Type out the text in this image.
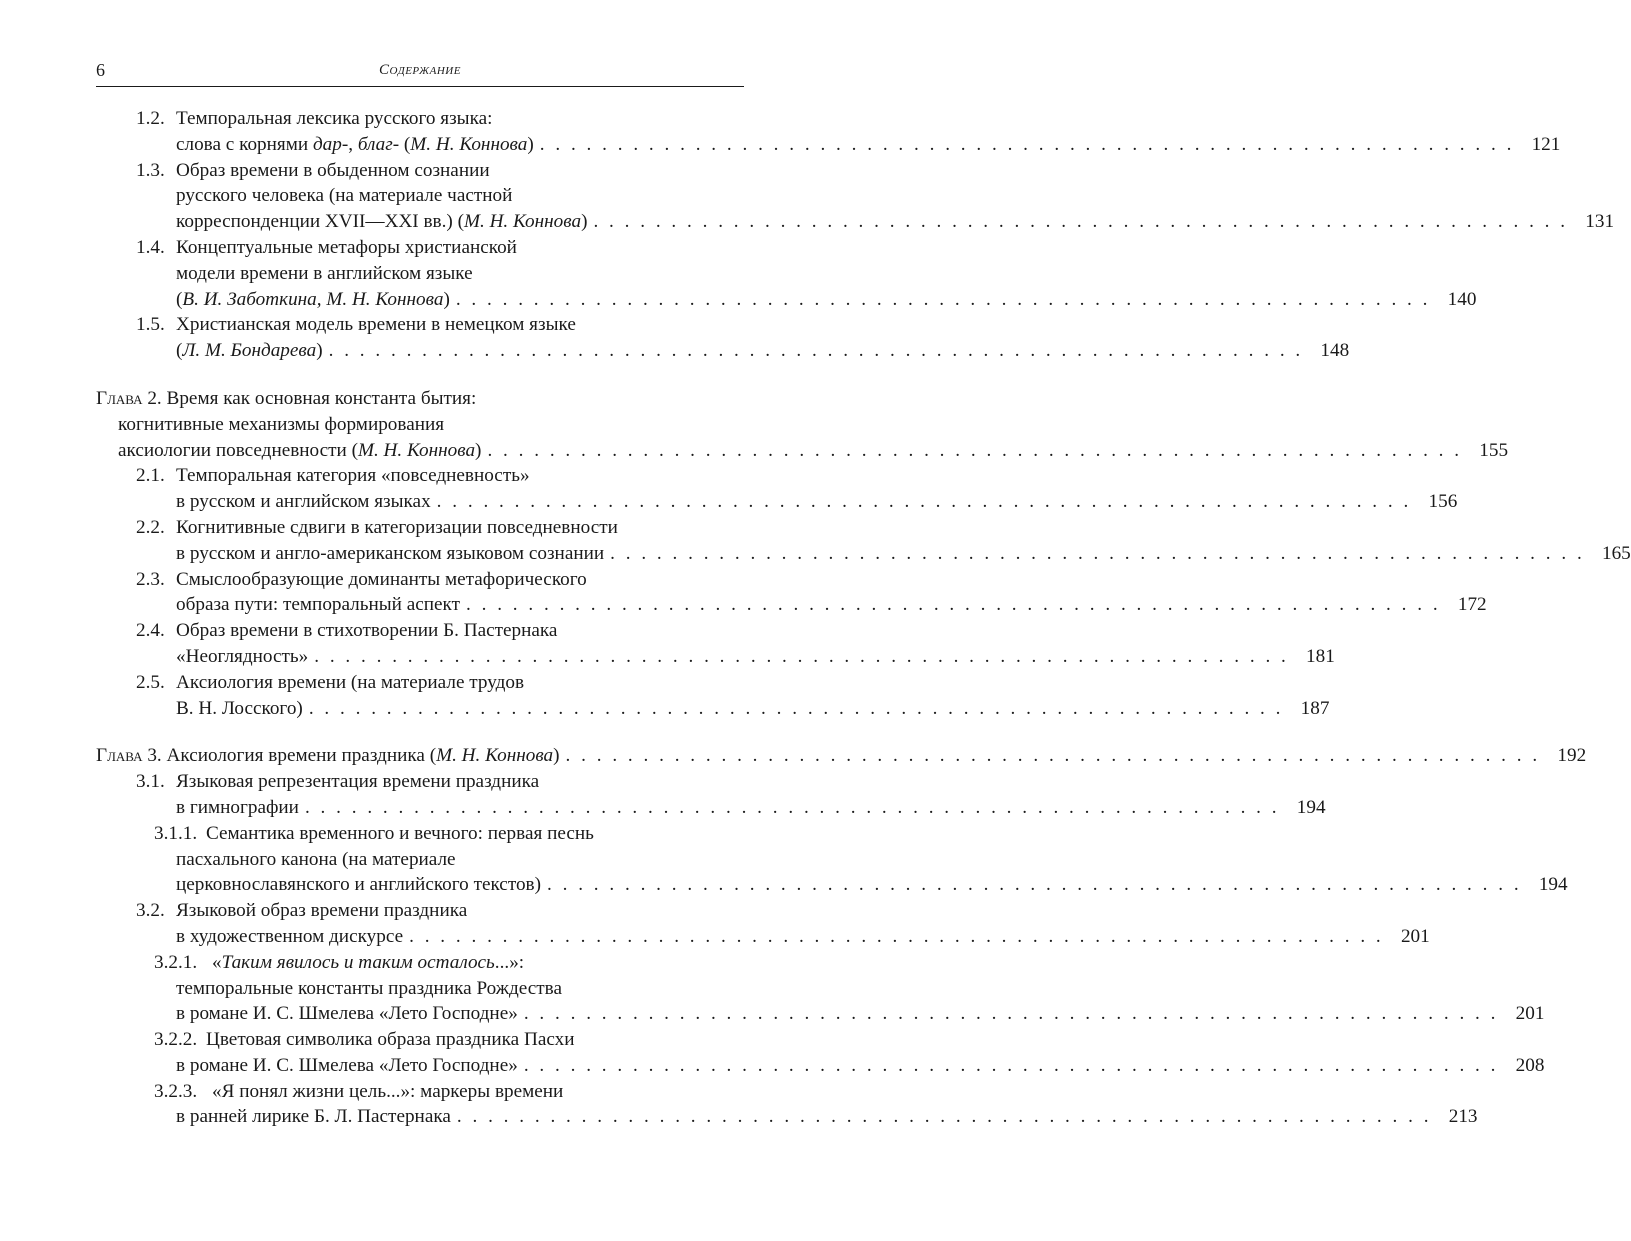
6	Содержание
1.2. Темпоральная лексика русского языка:
слова с корнями дар-, благ- (М. Н. Коннова) . . . . . . . . . . . . . . . . . . . . . . . . . . . . . . . . . . . . . . . . . . . . . . . . . . . . . . . . . . . . . . . 121
1.3. Образ времени в обыденном сознании
русского человека (на материале частной
корреспонденции XVII—XXI вв.) (М. Н. Коннова) . . . . . . . . . . . . . . . . . . . . . . . . . . . . . . . . . . . . . . . . . . . . . . . . . . . . . . . . . . . . . . . 131
1.4. Концептуальные метафоры христианской
модели времени в английском языке
(В. И. Заботкина, М. Н. Коннова) . . . . . . . . . . . . . . . . . . . . . . . . . . . . . . . . . . . . . . . . . . . . . . . . . . . . . . . . . . . . . . . 140
1.5. Христианская модель времени в немецком языке
(Л. М. Бондарева) . . . . . . . . . . . . . . . . . . . . . . . . . . . . . . . . . . . . . . . . . . . . . . . . . . . . . . . . . . . . . . . 148
Глава 2. Время как основная константа бытия:
когнитивные механизмы формирования
аксиологии повседневности (М. Н. Коннова) . . . . . . . . . . . . . . . . . . . . . . . . . . . . . . . . . . . . . . . . . . . . . . . . . . . . . . . . . . . . . . . 155
2.1. Темпоральная категория «повседневность»
в русском и английском языках . . . . . . . . . . . . . . . . . . . . . . . . . . . . . . . . . . . . . . . . . . . . . . . . . . . . . . . . . . . . . . . 156
2.2. Когнитивные сдвиги в категоризации повседневности
в русском и англо-американском языковом сознании . . . . . . . . . . . . . . . . . . . . . . . . . . . . . . . . . . . . . . . . . . . . . . . . . . . . . . . . . . . . . . . 165
2.3. Смыслообразующие доминанты метафорического
образа пути: темпоральный аспект . . . . . . . . . . . . . . . . . . . . . . . . . . . . . . . . . . . . . . . . . . . . . . . . . . . . . . . . . . . . . . . 172
2.4. Образ времени в стихотворении Б. Пастернака
«Неоглядность» . . . . . . . . . . . . . . . . . . . . . . . . . . . . . . . . . . . . . . . . . . . . . . . . . . . . . . . . . . . . . . . 181
2.5. Аксиология времени (на материале трудов
В. Н. Лосского) . . . . . . . . . . . . . . . . . . . . . . . . . . . . . . . . . . . . . . . . . . . . . . . . . . . . . . . . . . . . . . . 187
Глава 3. Аксиология времени праздника (М. Н. Коннова) . . . . . . . . . . . . . . . . . . . . . . . . . . . . . . . . . . . . . . . . . . . . . . . . . . . . . . . . . . . . . . . 192
3.1. Языковая репрезентация времени праздника
в гимнографии . . . . . . . . . . . . . . . . . . . . . . . . . . . . . . . . . . . . . . . . . . . . . . . . . . . . . . . . . . . . . . . 194
3.1.1. Семантика временного и вечного: первая песнь
пасхального канона (на материале
церковнославянского и английского текстов) . . . . . . . . . . . . . . . . . . . . . . . . . . . . . . . . . . . . . . . . . . . . . . . . . . . . . . . . . . . . . . . 194
3.2. Языковой образ времени праздника
в художественном дискурсе . . . . . . . . . . . . . . . . . . . . . . . . . . . . . . . . . . . . . . . . . . . . . . . . . . . . . . . . . . . . . . . 201
3.2.1. «Таким явилось и таким осталось...»:
темпоральные константы праздника Рождества
в романе И. С. Шмелева «Лето Господне» . . . . . . . . . . . . . . . . . . . . . . . . . . . . . . . . . . . . . . . . . . . . . . . . . . . . . . . . . . . . . . . 201
3.2.2. Цветовая символика образа праздника Пасхи
в романе И. С. Шмелева «Лето Господне» . . . . . . . . . . . . . . . . . . . . . . . . . . . . . . . . . . . . . . . . . . . . . . . . . . . . . . . . . . . . . . . 208
3.2.3. «Я понял жизни цель...»: маркеры времени
в ранней лирике Б. Л. Пастернака . . . . . . . . . . . . . . . . . . . . . . . . . . . . . . . . . . . . . . . . . . . . . . . . . . . . . . . . . . . . . . . 213
